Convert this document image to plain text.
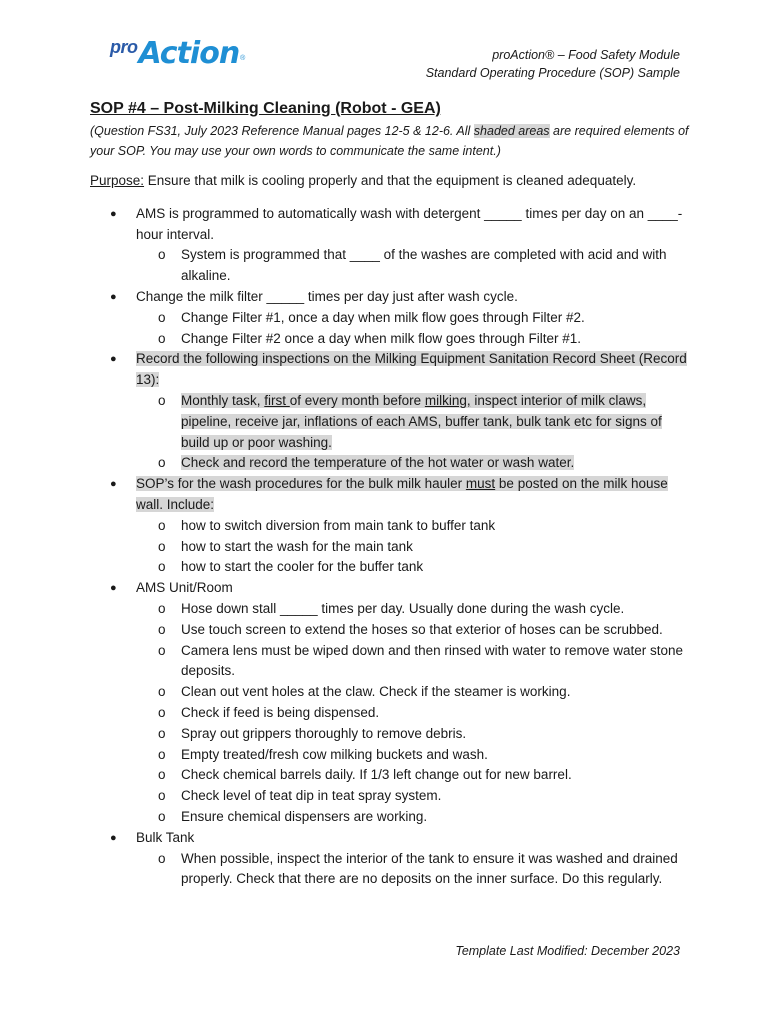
pro Action ®	proAction® – Food Safety Module
Standard Operating Procedure (SOP) Sample
SOP #4 – Post-Milking Cleaning (Robot - GEA)
(Question FS31, July 2023 Reference Manual pages 12-5 & 12-6. All shaded areas are required elements of your SOP. You may use your own words to communicate the same intent.)
Purpose: Ensure that milk is cooling properly and that the equipment is cleaned adequately.
● AMS is programmed to automatically wash with detergent _____ times per day on an ____-hour interval.
o System is programmed that ____ of the washes are completed with acid and with alkaline.
● Change the milk filter _____ times per day just after wash cycle.
o Change Filter #1, once a day when milk flow goes through Filter #2.
o Change Filter #2 once a day when milk flow goes through Filter #1.
● Record the following inspections on the Milking Equipment Sanitation Record Sheet (Record 13):
o Monthly task, first of every month before milking, inspect interior of milk claws, pipeline, receive jar, inflations of each AMS, buffer tank, bulk tank etc for signs of build up or poor washing.
o Check and record the temperature of the hot water or wash water.
● SOP’s for the wash procedures for the bulk milk hauler must be posted on the milk house wall. Include:
o how to switch diversion from main tank to buffer tank
o how to start the wash for the main tank
o how to start the cooler for the buffer tank
● AMS Unit/Room
o Hose down stall _____ times per day. Usually done during the wash cycle.
o Use touch screen to extend the hoses so that exterior of hoses can be scrubbed.
o Camera lens must be wiped down and then rinsed with water to remove water stone deposits.
o Clean out vent holes at the claw. Check if the steamer is working.
o Check if feed is being dispensed.
o Spray out grippers thoroughly to remove debris.
o Empty treated/fresh cow milking buckets and wash.
o Check chemical barrels daily. If 1/3 left change out for new barrel.
o Check level of teat dip in teat spray system.
o Ensure chemical dispensers are working.
● Bulk Tank
o When possible, inspect the interior of the tank to ensure it was washed and drained properly. Check that there are no deposits on the inner surface. Do this regularly.
Template Last Modified: December 2023
